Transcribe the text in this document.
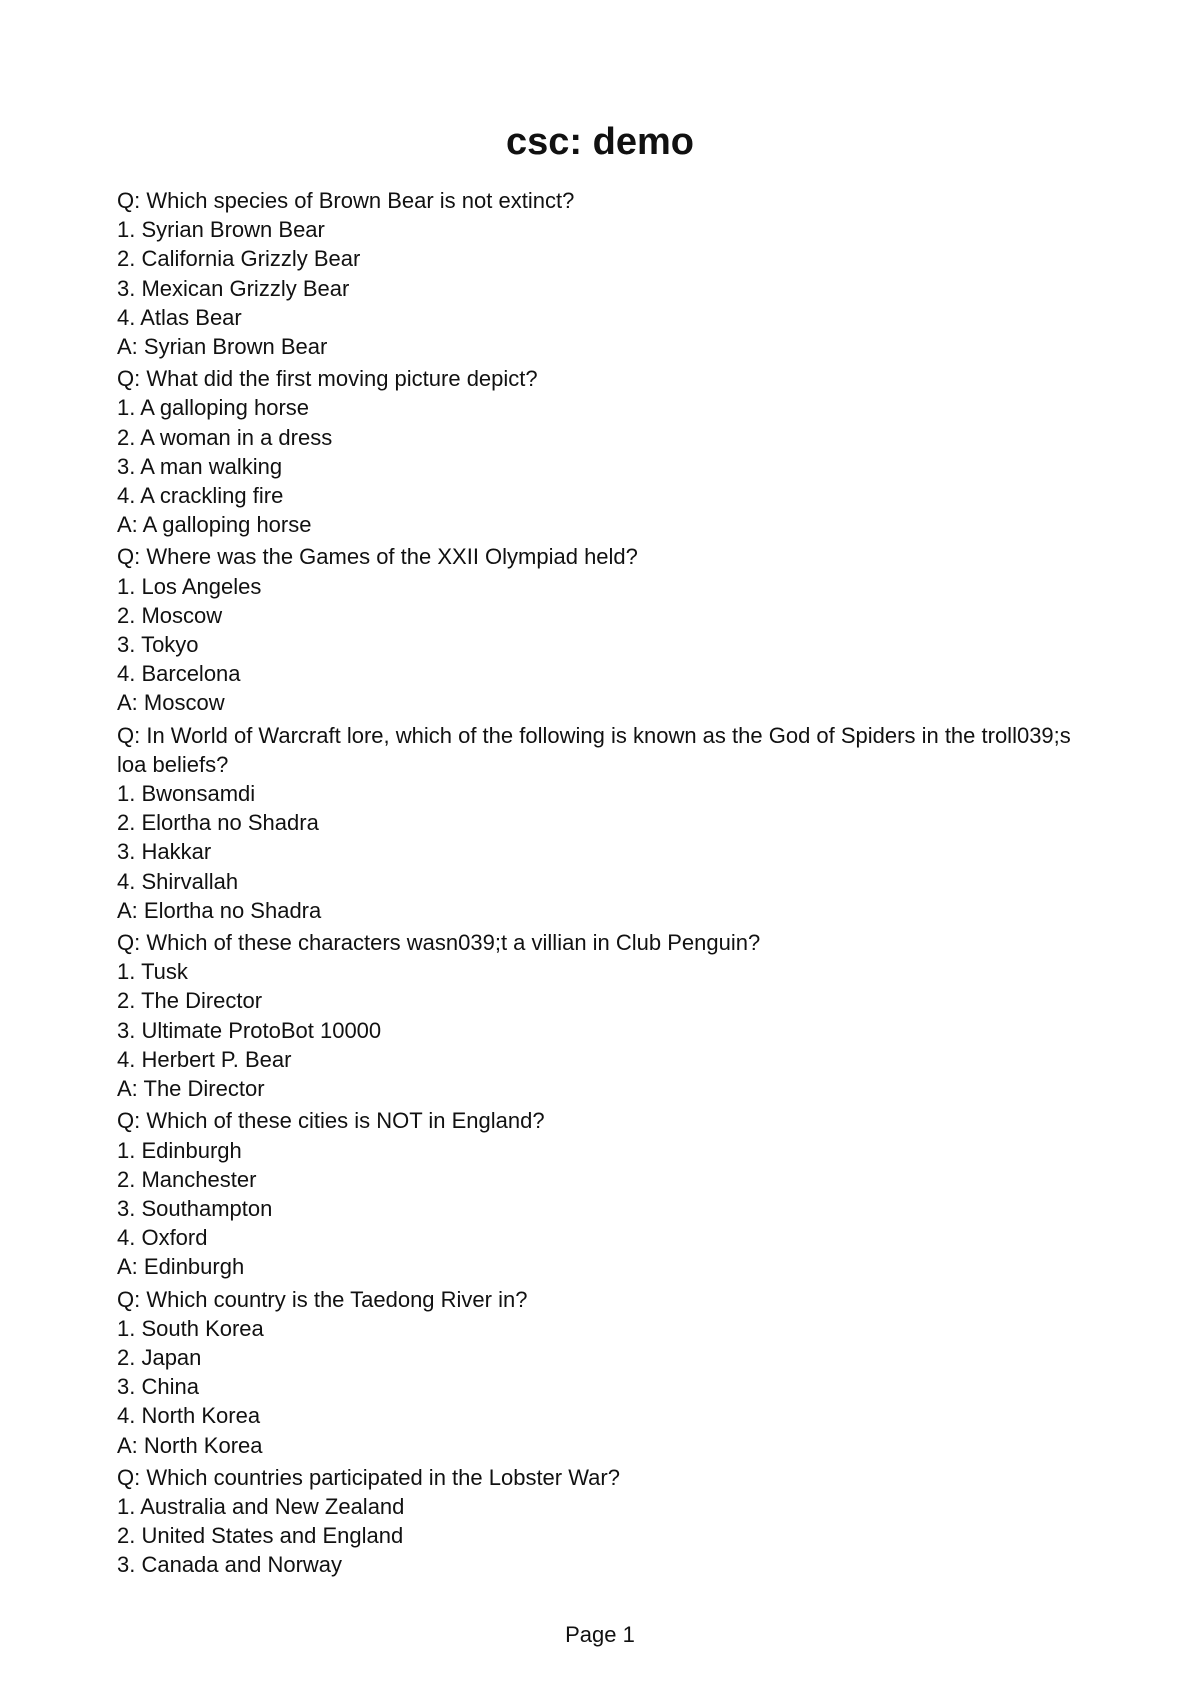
csc: demo

Q: Which species of Brown Bear is not extinct?

1. Syrian Brown Bear

2. California Grizzly Bear

3. Mexican Grizzly Bear

4. Atlas Bear

A: Syrian Brown Bear

Q: What did the first moving picture depict?

1. A galloping horse

2. A woman in a dress

3. A man walking

4. A crackling fire

A: A galloping horse

Q: Where was the Games of the XXII Olympiad held?

1. Los Angeles

2. Moscow

3. Tokyo

4. Barcelona

A: Moscow

Q: In World of Warcraft lore, which of the following is known as the God of Spiders in the troll039;s loa beliefs?

1. Bwonsamdi

2. Elortha no Shadra

3. Hakkar

4. Shirvallah

A: Elortha no Shadra

Q: Which of these characters wasn039;t a villian in Club Penguin?

1. Tusk

2. The Director

3. Ultimate ProtoBot 10000

4. Herbert P. Bear

A: The Director

Q: Which of these cities is NOT in England?

1. Edinburgh

2. Manchester

3. Southampton

4. Oxford

A: Edinburgh

Q: Which country is the Taedong River in?

1. South Korea

2. Japan

3. China

4. North Korea

A: North Korea

Q: Which countries participated in the Lobster War?

1. Australia and New Zealand

2. United States and England

3. Canada and Norway

Page 1
